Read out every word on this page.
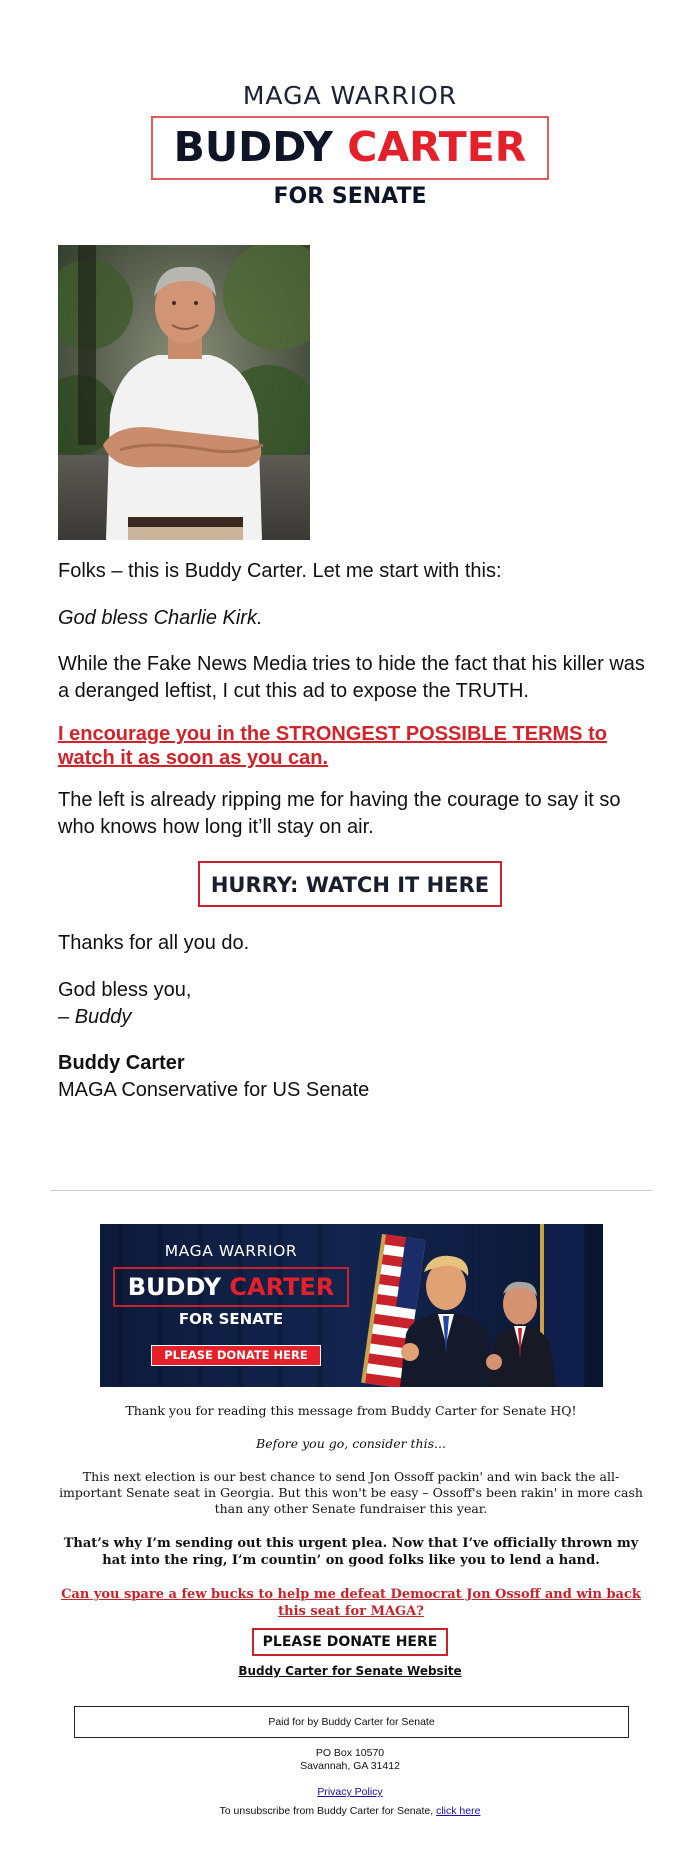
MAGA WARRIOR
BUDDY CARTER
FOR SENATE

Folks – this is Buddy Carter. Let me start with this:

God bless Charlie Kirk.

While the Fake News Media tries to hide the fact that his killer was a deranged leftist, I cut this ad to expose the TRUTH.

I encourage you in the STRONGEST POSSIBLE TERMS to watch it as soon as you can.

The left is already ripping me for having the courage to say it so who knows how long it’ll stay on air.

HURRY: WATCH IT HERE

Thanks for all you do.

God bless you,

– Buddy

Buddy Carter

MAGA Conservative for US Senate

MAGA WARRIOR
BUDDY CARTER
FOR SENATE
PLEASE DONATE HERE

Thank you for reading this message from Buddy Carter for Senate HQ!

Before you go, consider this...

This next election is our best chance to send Jon Ossoff packin' and win back the all-important Senate seat in Georgia. But this won't be easy – Ossoff's been rakin' in more cash than any other Senate fundraiser this year.

That’s why I’m sending out this urgent plea. Now that I’ve officially thrown my hat into the ring, I’m countin’ on good folks like you to lend a hand.

Can you spare a few bucks to help me defeat Democrat Jon Ossoff and win back this seat for MAGA?
PLEASE DONATE HERE
Buddy Carter for Senate Website
Paid for by Buddy Carter for Senate

PO Box 10570

Savannah, GA 31412

Privacy Policy

To unsubscribe from Buddy Carter for Senate, click here
